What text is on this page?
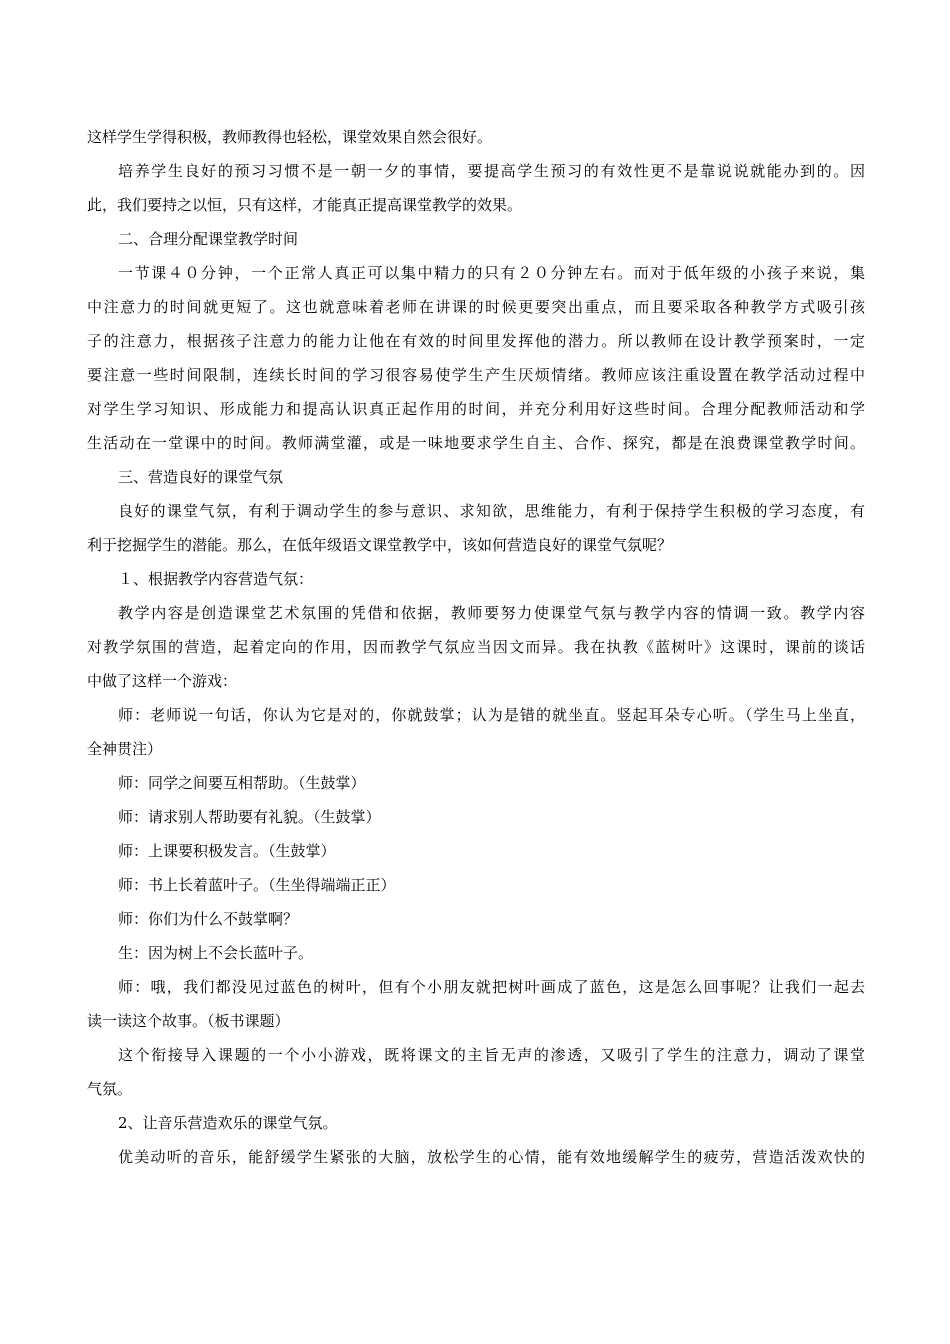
这样学生学得积极，教师教得也轻松，课堂效果自然会很好。
培养学生良好的预习习惯不是一朝一夕的事情，要提高学生预习的有效性更不是靠说说就能办到的。因
此，我们要持之以恒，只有这样，才能真正提高课堂教学的效果。
二、合理分配课堂教学时间
一节课４０分钟，一个正常人真正可以集中精力的只有２０分钟左右。而对于低年级的小孩子来说，集
中注意力的时间就更短了。这也就意味着老师在讲课的时候更要突出重点，而且要采取各种教学方式吸引孩
子的注意力，根据孩子注意力的能力让他在有效的时间里发挥他的潜力。所以教师在设计教学预案时，一定
要注意一些时间限制，连续长时间的学习很容易使学生产生厌烦情绪。教师应该注重设置在教学活动过程中
对学生学习知识、形成能力和提高认识真正起作用的时间，并充分利用好这些时间。合理分配教师活动和学
生活动在一堂课中的时间。教师满堂灌，或是一味地要求学生自主、合作、探究，都是在浪费课堂教学时间。
三、营造良好的课堂气氛
良好的课堂气氛，有利于调动学生的参与意识、求知欲，思维能力，有利于保持学生积极的学习态度，有
利于挖掘学生的潜能。那么，在低年级语文课堂教学中，该如何营造良好的课堂气氛呢？
１、根据教学内容营造气氛：
教学内容是创造课堂艺术氛围的凭借和依据，教师要努力使课堂气氛与教学内容的情调一致。教学内容
对教学氛围的营造，起着定向的作用，因而教学气氛应当因文而异。我在执教《蓝树叶》这课时，课前的谈话
中做了这样一个游戏：
师：老师说一句话，你认为它是对的，你就鼓掌；认为是错的就坐直。竖起耳朵专心听。（学生马上坐直，
全神贯注）
师：同学之间要互相帮助。（生鼓掌）
师：请求别人帮助要有礼貌。（生鼓掌）
师：上课要积极发言。（生鼓掌）
师：书上长着蓝叶子。（生坐得端端正正）
师：你们为什么不鼓掌啊？
生：因为树上不会长蓝叶子。
师：哦，我们都没见过蓝色的树叶，但有个小朋友就把树叶画成了蓝色，这是怎么回事呢？让我们一起去
读一读这个故事。（板书课题）
这个衔接导入课题的一个小小游戏，既将课文的主旨无声的渗透，又吸引了学生的注意力，调动了课堂
气氛。
2、让音乐营造欢乐的课堂气氛。
优美动听的音乐，能舒缓学生紧张的大脑，放松学生的心情，能有效地缓解学生的疲劳，营造活泼欢快的
